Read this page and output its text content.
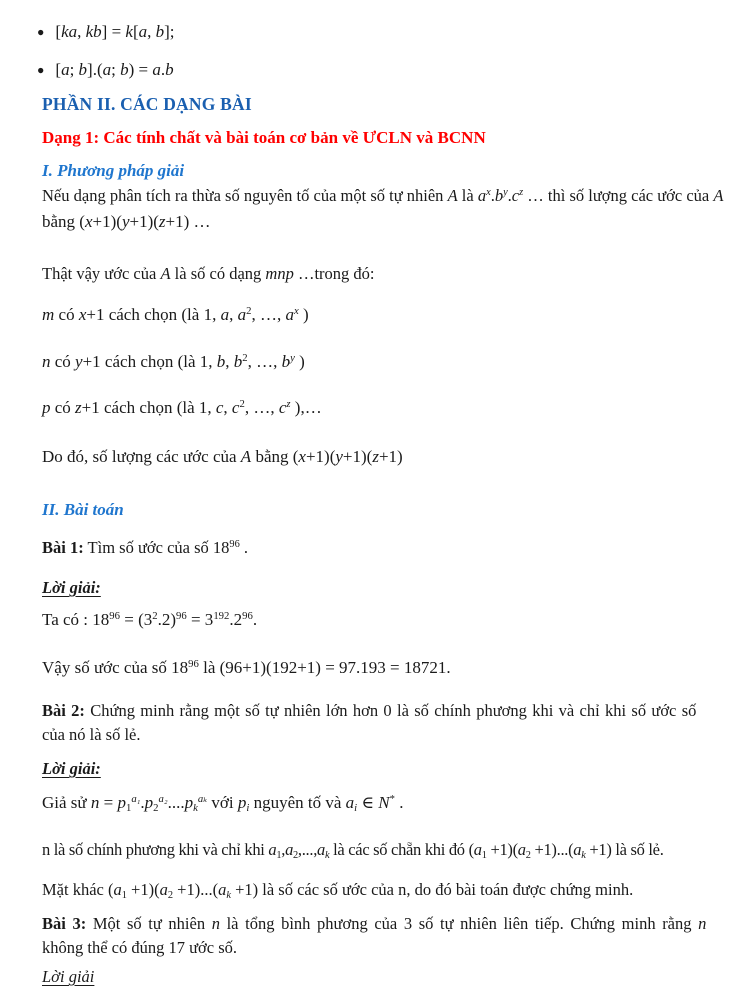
● [ka, kb] = k[a, b];
● [a; b].(a; b) = a.b
PHẦN II. CÁC DẠNG BÀI
Dạng 1: Các tính chất và bài toán cơ bản về ƯCLN và BCNN
I. Phương pháp giải
Nếu dạng phân tích ra thừa số nguyên tố của một số tự nhiên A là $a^x.b^y.c^z$ … thì số lượng các ước của A
bằng (x+1)(y+1)(z+1) …
Thật vậy ước của A là số có dạng mnp …trong đó:
m có x+1 cách chọn (là 1, a, $a^2$, …, $a^x$ )
n có y+1 cách chọn (là 1, b, $b^2$, …, $b^y$ )
p có z+1 cách chọn (là 1, c, $c^2$, …, $c^z$ ),…
Do đó, số lượng các ước của A bằng (x+1)(y+1)(z+1)
II. Bài toán
Bài 1: Tìm số ước của số $18^{96}$ .
Lời giải:
Ta có : $18^{96} = (3^2.2)^{96} = 3^{192}.2^{96}$.
Vậy số ước của số $18^{96}$ là (96+1)(192+1) = 97.193 = 18721.
Bài 2: Chứng minh rằng một số tự nhiên lớn hơn 0 là số chính phương khi và chỉ khi số ước số
của nó là số lẻ.
Lời giải:
Giả sử $n = p1^{a_1}.p2^{a_2}....pk^{a_k}$ với pi nguyên tố và ai ∈ N* .
n là số chính phương khi và chỉ khi a1,a2,...,ak là các số chẵn khi đó (a1 +1)(a2 +1)...(ak +1) là số lẻ.
Mặt khác (a1 +1)(a2 +1)...(ak +1) là số các số ước của n, do đó bài toán được chứng minh.
Bài 3: Một số tự nhiên n là tổng bình phương của 3 số tự nhiên liên tiếp. Chứng minh rằng n
không thể có đúng 17 ước số.
Lời giải
